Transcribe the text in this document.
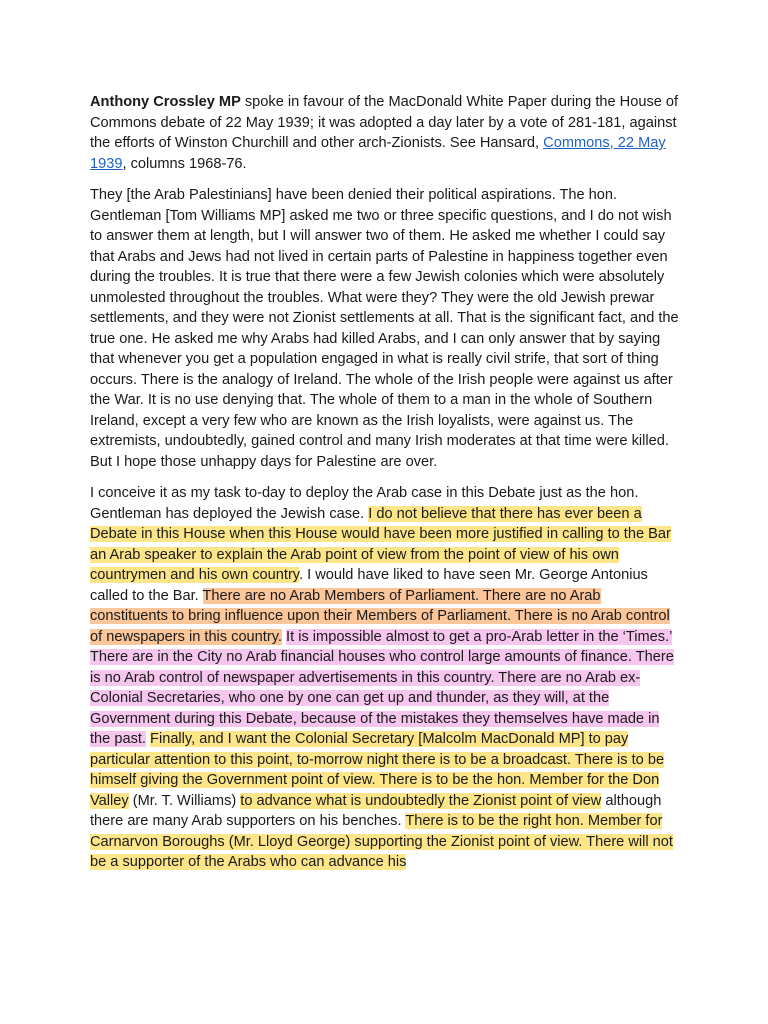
Anthony Crossley MP spoke in favour of the MacDonald White Paper during the House of Commons debate of 22 May 1939; it was adopted a day later by a vote of 281-181, against the efforts of Winston Churchill and other arch-Zionists. See Hansard, Commons, 22 May 1939, columns 1968-76.

They [the Arab Palestinians] have been denied their political aspirations. The hon. Gentleman [Tom Williams MP] asked me two or three specific questions, and I do not wish to answer them at length, but I will answer two of them. He asked me whether I could say that Arabs and Jews had not lived in certain parts of Palestine in happiness together even during the troubles. It is true that there were a few Jewish colonies which were absolutely unmolested throughout the troubles. What were they? They were the old Jewish prewar settlements, and they were not Zionist settlements at all. That is the significant fact, and the true one. He asked me why Arabs had killed Arabs, and I can only answer that by saying that whenever you get a population engaged in what is really civil strife, that sort of thing occurs. There is the analogy of Ireland. The whole of the Irish people were against us after the War. It is no use denying that. The whole of them to a man in the whole of Southern Ireland, except a very few who are known as the Irish loyalists, were against us. The extremists, undoubtedly, gained control and many Irish moderates at that time were killed. But I hope those unhappy days for Palestine are over.

I conceive it as my task to-day to deploy the Arab case in this Debate just as the hon. Gentleman has deployed the Jewish case. I do not believe that there has ever been a Debate in this House when this House would have been more justified in calling to the Bar an Arab speaker to explain the Arab point of view from the point of view of his own countrymen and his own country. I would have liked to have seen Mr. George Antonius called to the Bar. There are no Arab Members of Parliament. There are no Arab constituents to bring influence upon their Members of Parliament. There is no Arab control of newspapers in this country. It is impossible almost to get a pro-Arab letter in the ‘Times.’ There are in the City no Arab financial houses who control large amounts of finance. There is no Arab control of newspaper advertisements in this country. There are no Arab ex-Colonial Secretaries, who one by one can get up and thunder, as they will, at the Government during this Debate, because of the mistakes they themselves have made in the past. Finally, and I want the Colonial Secretary [Malcolm MacDonald MP] to pay particular attention to this point, to-morrow night there is to be a broadcast. There is to be himself giving the Government point of view. There is to be the hon. Member for the Don Valley (Mr. T. Williams) to advance what is undoubtedly the Zionist point of view although there are many Arab supporters on his benches. There is to be the right hon. Member for Carnarvon Boroughs (Mr. Lloyd George) supporting the Zionist point of view. There will not be a supporter of the Arabs who can advance his
